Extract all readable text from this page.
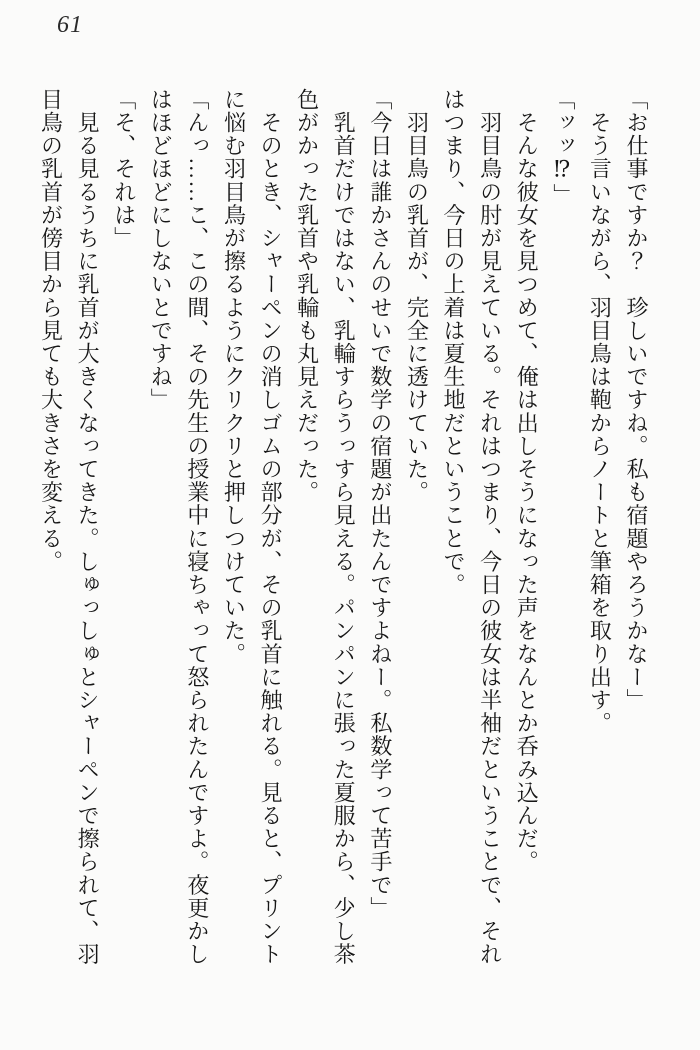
61
「お仕事ですか？　珍しいですね。私も宿題やろうかなー」
　そう言いながら、羽目鳥は鞄からノートと筆箱を取り出す。
「ッッ⁉」
　そんな彼女を見つめて、俺は出しそうになった声をなんとか呑み込んだ。
　羽目鳥の肘が見えている。それはつまり、今日の彼女は半袖だということで、それ
はつまり、今日の上着は夏生地だということで。
　羽目鳥の乳首が、完全に透けていた。
「今日は誰かさんのせいで数学の宿題が出たんですよねー。私数学って苦手で」
　乳首だけではない、乳輪すらうっすら見える。パンパンに張った夏服から、少し茶
色がかった乳首や乳輪も丸見えだった。
　そのとき、シャーペンの消しゴムの部分が、その乳首に触れる。見ると、プリント
に悩む羽目鳥が擦るようにクリクリと押しつけていた。
「んっ……こ、この間、その先生の授業中に寝ちゃって怒られたんですよ。夜更かし
はほどほどにしないとですね」
「そ、それは」
　見る見るうちに乳首が大きくなってきた。しゅっしゅとシャーペンで擦られて、羽
目鳥の乳首が傍目から見ても大きさを変える。
